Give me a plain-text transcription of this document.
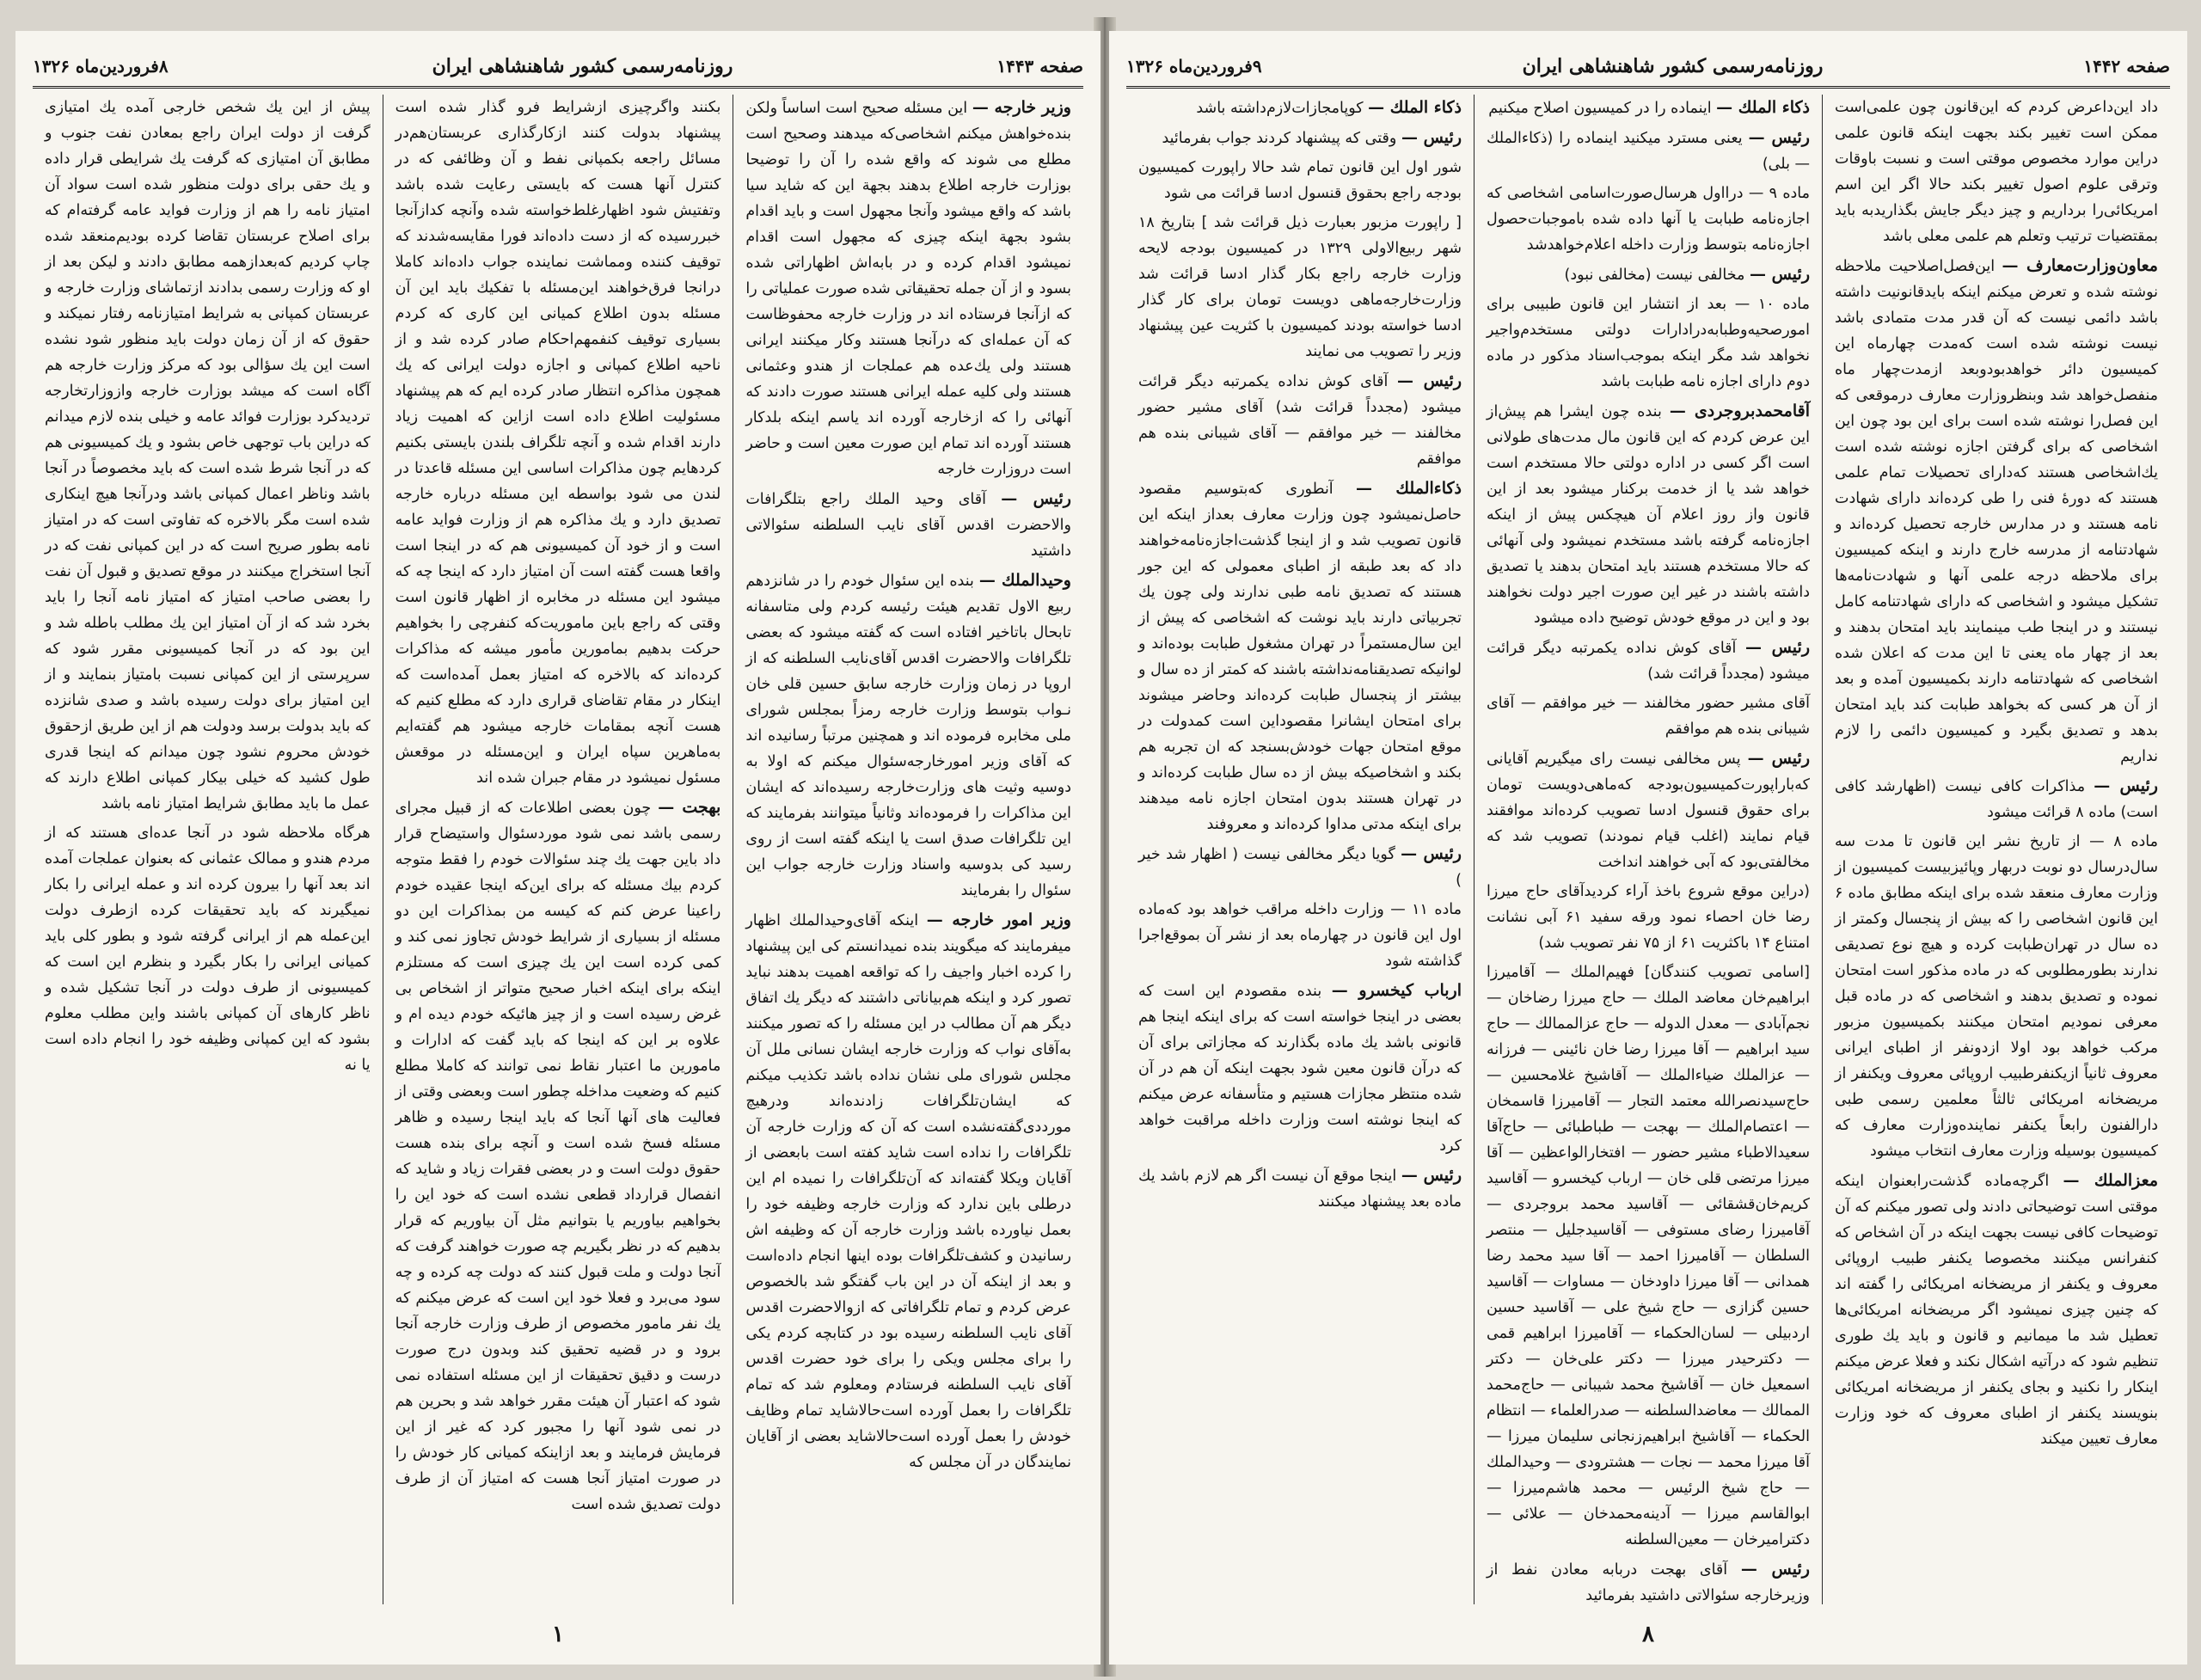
صفحه ۱۴۴۳
روزنامه‌رسمی کشور شاهنشاهی ایران
۸فروردین‌ماه ۱۳۲۶

وزیر خارجه — این مسئله صحیح است اساساً ولکن بنده‌خواهش میکنم اشخاصی‌که میدهند وصحیح است مطلع می شوند که واقع شده را آن را توضیحا بوزارت خارجه اطلاع بدهند بجهة این که شاید سیا باشد که واقع میشود وآنجا مجهول است و باید اقدام بشود بجهة اینکه چیزی که مجهول است اقدام نمیشود اقدام کرده و در بابه‌اش اظهاراتی شده بسود و از آن جمله تحقیقاتی شده صورت عملیاتی را که ازآنجا فرستاده اند در وزارت خارجه محفوظاست که آن عمله‌ای که درآنجا هستند وکار میکنند ایرانی هستند ولی یك‌عده هم عملجات از هندو وعثمانی هستند ولی کلیه عمله ایرانی هستند صورت دادند که آنهائی را که ازخارجه آورده اند یاسم اینکه بلدکار هستند آورده اند تمام این صورت معین است و حاضر است دروزارت خارجه

رئیس — آقای وحید الملك راجع بتلگرافات والاحضرت اقدس آقای نایب السلطنه سئوالاتی داشتید

وحیدالملك — بنده این سئوال خودم را در شانزدهم ربیع الاول تقدیم هیئت رئیسه کردم ولی متاسفانه تابحال باتاخیر افتاده است که گفته میشود که بعضی تلگرافات والاحضرت اقدس آقای‌نایب السلطنه که از اروپا در زمان وزارت خارجه سابق حسین قلی خان نـواب بتوسط وزارت خارجه رمزاً بمجلس شورای ملی مخابره فرموده اند و همچنین مرتباً رسانیده اند که آقای وزیر امورخارجه‌سئوال میکنم که اولا به دوسیه وثیت های وزارت‌خارجه رسیده‌اند که ایشان این مذاکرات را فرموده‌اند وثانیاً میتوانند بفرمایند که این تلگرافات صدق است یا اینکه گفته است از روی رسید کی بدوسیه واسناد وزارت خارجه جواب این سئوال را بفرمایند

وزیر امور خارجه — اینکه آقای‌وحیدالملك اظهار میفرمایند که میگویند بنده نمیدانستم کی این پیشنهاد را کرده اخبار واجیف را که تواقعه اهمیت بدهند نباید تصور کرد و اینکه هم‌بیاناتی داشتند که دیگر یك اتفاق دیگر هم آن مطالب در این مسئله را که تصور میکنند به‌آقای نواب که وزارت خارجه ایشان‌ نسانی ملل آن مجلس شورای ملی نشان نداده باشد تکذیب میکنم که ایشان‌تلگرافات زادنده‌اند ودرهیچ مورددی‌گفته‌نشده است که آن که وزارت خارجه آن تلگرافات را نداده است شاید کفته است بابعضی از آقایان ویکلا گفته‌اند که آن‌تلگرافات را نمیده ام این درطلی باین ندارد که وزارت خارجه وظیفه خود را بعمل نیاورده باشد وزارت خارجه آن که وظیفه اش رسانیدن و کشف‌تلگرافات بوده اینها انجام داده‌است و بعد از اینکه آن در این باب گفتگو شد بالخصوص عرض کردم و تمام تلگرافاتی که ازوالاحضرت اقدس آقای نایب السلطنه رسیده بود در کتابچه کردم یکی را برای مجلس ویکی را برای خود حضرت اقدس آقای نایب السلطنه فرستادم ومعلوم شد که تمام تلگرافات را بعمل آورده است‌حالاشاید تمام وظایف خودش را بعمل آورده است‌حالاشاید بعضی از آقایان نمایندگان در آن مجلس که

بکنند واگرچیزی ازشرایط فرو گذار شده است پیشنهاد بدولت کنند ازکارگذاری عربستان‌هم‌در مسائل راجعه بکمپانی نفط و آن وظائفی که در کنترل آنها هست که بایستی رعایت شده باشد وتفتیش شود اظهارغلط‌خواسته شده وآنچه کداز‌آنجا خبررسیده که از دست داده‌اند فورا مقایسه‌شدند که توقیف کننده ومماشت نماینده جواب داده‌اند کاملا درانجا فرق‌خواهند این‌مسئله با تفکیك باید این آن مسئله بدون اطلاع کمیانی این کاری که کردم بسیاری توقیف کنفمهم‌احکام صادر کرده شد و از ناحیه اطلاع کمپانی و اجازه دولت ایرانی که یك همچون مذاکره انتظار صادر کرده ایم که هم پیشنهاد مسئولیت اطلاع داده است ازاین که اهمیت زیاد دارند اقدام شده و آنچه تلگراف بلندن بایستی بکنیم کردهایم چون مذاکرات اساسی این مسئله قاعدتا در لندن می شود بواسطه این مسئله درباره خارجه تصدیق دارد و یك مذاکره هم از وزارت فواید عامه است و از خود آن کمیسیونی هم که در اینجا است واقعا هست گفته است آن امتیاز دارد که اینجا چه که میشود این مسئله در مخابره از اظهار قانون است وقتی که راجع باین ماموریت‌که کنفر‌چی را بخواهیم حرکت بدهیم بمامورین مأمور میشه که مذاکرات کرده‌اند که بالاخره که امتیاز بعمل آمده‌است که اینکار در مقام تقاضای قراری دارد که مطلع کنیم که هست آنچه بمقامات خارجه میشود هم گفته‌ایم به‌ماهرین سپاه ایران و این‌مسئله در موقعش مسئول نمیشود در مقام جبران شده اند

بهجت — چون بعضی اطلاعات که از قبیل مجرای رسمی باشد نمی شود موردسئوال واستیضاح قرار داد باین جهت یك چند سئوالات خودم را فقط متوجه کردم بیك مسئله که برای این‌که اینجا عقیده خودم راعینا عرض کنم که کیسه من‌ بمذاکرات این دو مسئله از بسیاری از شرایط خودش تجاوز نمی کند و کمی کرده است این‌ یك چیزی است که مستلزم اینکه برای اینکه اخبار صحیح متواتر از اشخاص بی غرض رسیده است و از چیز هائیکه خودم دیده ام و علاوه بر این که اینجا که باید گفت که ادارات و مامورین ما اعتبار نقاط نمی توانند که کاملا مطلع کنیم که وضعیت مداخله چطور است وبعضی وقتی از فعالیت های آنها آنجا که باید اینجا رسیده و ظاهر مسئله فسخ شده است و آنچه برای بنده هست حقوق دولت است و در بعضی فقرات زیاد و شاید که انفصال قرارداد قطعی نشده است که خود این را بخواهیم بیاوریم یا بتوانیم مثل آن بیاوریم که قرار بدهیم که در نظر بگیریم چه صورت خواهند گرفت که آنجا دولت و ملت قبول کنند که دولت چه کرده و چه سود می‌برد و فعلا خود این است که عرض میکنم که یك نفر مامور مخصوص از طرف وزارت خارجه آنجا برود و در قضیه تحقیق کند وبدون درج صورت درست و دقیق تحقیقات از این مسئله استفاده نمی شود که اعتبار آن هیئت مقرر خواهد شد و بحرین هم در نمی شود آنها را مجبور کرد که غیر از این فرمایش فرمایند و بعد ازاینکه کمیانی کار خودش را در صورت امتیاز آنجا هست که امتیاز آن از طرف دولت تصدیق شده است

پیش از این یك شخص خارجی آمده یك امتیازی گرفت از دولت ایران راجع بمعادن نفت جنوب و مطابق آن امتیازی که گرفت یك شرایطی قرار داده و یك حقی برای دولت منظور شده است سواد آن امتیاز نامه را هم از وزارت فواید عامه گرفته‌ام که برای اصلاح عربستان تقاضا کرده بودیم‌منعقد شده چاپ کردیم که‌بعد‌ازهمه مطابق دادند و لیکن بعد از او که وزارت رسمی بدادند ازتماشای وزارت خارجه و عربستان کمپانی به شرایط امتیازنامه رفتار نمیکند و حقوق که از آن زمان دولت باید منظور شود نشده است این یك سؤالی بود که مرکز وزارت خارجه هم آگاه است که میشد بوزارت خارجه وازوزارتخارجه تردید‌کرد بوزارت فوائد عامه و خیلی بنده لازم میدانم که دراین باب توجهی خاص بشود و یك کمیسیونی هم که در آنجا شرط شده است که باید مخصوصاً در آنجا باشد وناظر اعمال کمپانی باشد ودرآنجا هیچ اینکاری شده است مگر بالاخره که تفاوتی است که در امتیاز نامه بطور صریح است که در این کمپانی نفت که در آنجا استخراج میکنند در موقع تصدیق و قبول آن نفت را بعضی صاحب امتیاز که امتیاز نامه آنجا را باید بخرد شد که از آن امتیاز این یك مطلب باطله شد و این بود که در آنجا کمیسیونی مقرر شود که سرپرستی از این کمپانی نسبت بامتیاز بنمایند و از این امتیاز برای دولت رسیده باشد و صدی شانزده که باید بدولت برسد ودولت هم از این طریق ازحقوق خودش محروم نشود چون میدانم که اینجا قدری طول کشید که خیلی بیکار کمپانی اطلاع دارند که عمل ما باید مطابق شرایط امتیاز نامه باشد

هرگاه ملاحظه شود در آنجا عده‌ای هستند که از مردم هندو و ممالک عثمانی که بعنوان عملجات آمده اند بعد آنها را بیرون کرده اند و عمله ایرانی را بکار نمیگیرند که باید تحقیقات کرده ازطرف دولت این‌عمله هم از ایرانی گرفته شود و بطور کلی باید کمیانی ایرانی را بکار بگیرد و بنظرم این است که کمیسیونی از طرف دولت در آنجا تشکیل شده و ناظر کارهای آن کمپانی باشند واین مطلب معلوم بشود که این کمپانی وظیفه خود را انجام داده است یا نه

۱
صفحه ۱۴۴۲
روزنامه‌رسمی کشور شاهنشاهی ایران
۹فروردین‌ماه ۱۳۲۶

داد این‌داعرض کردم که این‌قانون چون علمی‌است ممکن است تغییر بکند بجهت اینکه قانون علمی دراین موارد مخصوص موقتی است و نسبت باوقات وترقی علوم اصول تغییر بکند حالا اگر این اسم امریکائی‌را برداریم و چیز دیگر جایش بگذاریدبه باید بمقتضیات ترتیب وتعلم هم علمی معلی باشد

معاون‌وزارت‌معارف — این‌فصل‌اصلاحیت ملاحظه نوشته شده و تعرض میکنم اینکه بایدقانونیت داشته باشد دائمی نیست که آن قدر مدت متمادی باشد نیست نوشته شده است که‌مدت چهارماه این کمیسیون دائر خواهدبودوبعد ازمدت‌چهار ماه منفصل‌خواهد شد وبنظروزارت معارف درموقعی که این فصل‌را نوشته شده است برای این بود چون این اشخاصی که برای گرفتن اجازه نوشته شده است یك‌اشخاصی هستند که‌دارای تحصیلات تمام علمی هستند که دورهٔ فنی را طی کرده‌اند دارای شهادت نامه هستند و در مدارس خارجه تحصیل کرده‌اند و شهادتنامه از مدرسه خارج دارند و اینکه کمیسیون برای ملاحظه درجه علمی آنها و شهادت‌نامه‌ها تشکیل میشود و اشخاصی که دارای شهادتنامه کامل نیستند و در اینجا طب مینمایند باید امتحان بدهند و بعد از چهار ماه یعنی تا این مدت که اعلان شده اشخاصی که شهادتنامه دارند بکمیسیون آمده و بعد از آن هر کسی که بخواهد طبابت کند باید امتحان بدهد و تصدیق بگیرد و کمیسیون دائمی را لازم نداریم

رئیس — مذاکرات کافی نیست (اظهارشد کافی است) ماده ۸ قرائت میشود

ماده ۸ — از تاریخ نشر این قانون تا مدت سه سال‌درسال دو نوبت دربهار وپائیزبیست کمیسیون از وزارت معارف منعقد شده برای اینکه مطابق ماده ۶ این قانون اشخاصی را که بیش از پنجسال وکمتر از ده سال در تهران‌طبابت کرده و هیچ نوع تصدیقی ندارند بطورمطلوبی که در ماده مذکور است امتحان نموده و تصدیق بدهند و اشخاصی که در ماده قبل معرفی نمودیم امتحان میکنند بکمیسیون مزبور مرکب خواهد بود اولا ازدونفر از اطبای ایرانی معروف ثانیاً ازیکنفرطبیب اروپائی معروف ویکنفر از مریضخانه امریکائی ثالثاً معلمین رسمی طبی دارالفنون رابعاً یکنفر نماینده‌وزارت معارف که کمیسیون بوسیله وزارت معارف انتخاب میشود

معزالملك — اگرچه‌ماده گذشت‌رابعنوان اینکه موقتی است توضیحاتی دادند ولی تصور میکنم که آن توضیحات کافی نیست بجهت اینکه در آن اشخاص که کنفرانس میکنند مخصوصا یکنفر طبیب اروپائی معروف و یکنفر از مریضخانه امریکائی را گفته اند که چنین چیزی نمیشود اگر مریضخانه امریکائی‌ها تعطیل شد ما میمانیم و قانون و باید یك طوری تنظیم شود که درآتیه اشکال نکند و فعلا عرض میکنم اینکار را نکنید و بجای یکنفر از مریضخانه امریکائی بنویسند یکنفر از اطبای معروف که خود وزارت معارف تعیین میکند

ذکاء الملك — اینماده را در کمیسیون اصلاح میکنیم

رئیس — یعنی مسترد میکنید اینماده را (ذکاءالملك — بلی)

ماده ۹ — درااول هرسال‌صورت‌اسامی اشخاصی که اجازه‌نامه طبابت یا آنها داده شده باموجبات‌حصول اجازه‌نامه بتوسط وزارت داخله اعلام‌خواهدشد

رئیس — مخالفی نیست (مخالفی نبود)

ماده ۱۰ — بعد از انتشار این قانون طبیبی برای امورصحیه‌وطبابه‌درادارات دولتی مستخدم‌واجیر نخواهد شد مگر اینکه بموجب‌اسناد مذکور در ماده دوم دارای اجازه نامه طبابت باشد

آقامحمدبروجردی — بنده چون ایشرا هم پیش‌از این عرض کردم که این قانون مال مدت‌های طولانی است اگر کسی در اداره دولتی حالا مستخدم است خواهد شد یا از خدمت برکنار میشود بعد از این قانون واز روز اعلام آن هیچکس پیش از اینکه اجازه‌نامه گرفته باشد مستخدم نمیشود ولی آنهائی که حالا مستخدم هستند باید امتحان بدهند یا تصدیق داشته باشند در غیر این صورت اجیر دولت نخواهند بود و این در موقع خودش توضیح داده میشود

رئیس — آقای کوش نداده یکمرتبه دیگر قرائت میشود (مجدداً قرائت شد)

آقای مشیر حضور مخالفند — خیر موافقم — آقای شیبانی بنده هم موافقم

رئیس — پس مخالفی نیست رای میگیریم آقایانی که‌باراپورت‌کمیسیون‌بودجه که‌ماهی‌دویست تومان برای حقوق قنسول ادسا تصویب کرده‌اند موافقند قیام نمایند (اغلب قیام نمودند) تصویب شد که مخالفتی‌بود که آبی خواهند انداخت

(دراین موقع شروع باخذ آراء کردیدآقای حاج میرزا رضا خان احصاء نمود ورقه سفید ۶۱ آبی نشانت امتناع ۱۴ باکثریت ۶۱ از ۷۵ نفر تصویب شد)

[اسامی تصویب کنندگان] فهیم‌الملك — آقامیرزا ابراهیم‌خان معاضد‌ الملك — حاج میرزا رضاخان — نجم‌آبادی — معدل‌ الدوله — حاج عزالممالك — حاج سید ابراهیم — آقا میرزا رضا خان نائینی — فرزانه — عزالملك ضیاءالملك — آقاشیخ غلامحسین — حاج‌سید‌نصرالله معتمد التجار — آقامیرزا قاسمخان — اعتصام‌الملك — بهجت — طباطبائی — حاج‌آقا سعیدالاطباء مشیر حضور — افتخارالواعظین — آقا میرزا مرتضی قلی خان — ارباب کیخسرو — آقاسید کریم‌خان‌قشقائی — آقاسید محمد بروجردی — آقامیرزا رضای مستوفی — آقاسید‌جلیل — منتصر السلطان — آقامیرزا احمد — آقا سید محمد رضا همدانی — آقا میرزا داودخان — مساوات — آقاسید حسین گزازی — حاج شیخ علی — آقاسید حسین اردبیلی — لسان‌الحکماء — آقامیرزا ابراهیم قمی — دکترحیدر میرزا — دکتر علی‌خان — دکتر اسمعیل خان — آقاشیخ محمد شیبانی — حاج‌محمد الممالك — معاضدالسلطنه — صدرالعلماء — انتظام الحکماء — آقاشیخ ابراهیم‌زنجانی سلیمان میرزا — آقا میرزا محمد — نجات — هشترودی — وحیدالملك — حاج شیخ الرئیس — محمد هاشم‌میرزا — ابوالقاسم میرزا — آدینه‌محمدخان — علائی — دکترامیرخان — معین‌السلطنه

رئیس — آقای بهجت دربابه معادن نفط از وزیرخارجه سئوالاتی داشتید بفرمائید

ذکاء الملك — کوپامجازات‌لازم‌داشته باشد

رئیس — وقتی که پیشنهاد کردند جواب بفرمائید

شور اول این قانون تمام شد حالا راپورت کمیسیون بودجه راجع بحقوق قنسول ادسا قرائت می شود

[ راپورت مزبور بعبارت ذیل قرائت شد ] بتاریخ ۱۸ شهر ربیع‌الاولی ۱۳۲۹ در کمیسیون بودجه لایحه وزارت خارجه راجع بکار گذار ادسا قرائت شد وزارت‌خارجه‌ماهی دویست تومان‌ برای کار گذار ادسا خواسته بودند کمیسیون با کثریت عین پیشنهاد وزیر را تصویب می نمایند

رئیس — آقای کوش نداده یکمرتبه دیگر قرائت میشود (مجدداً قرائت شد) آقای مشیر حضور مخالفند — خیر موافقم — آقای شیبانی بنده هم موافقم

ذکاءالملك — آنطوری که‌بتوسیم مقصود حاصل‌نمیشود چون وزارت معارف بعداز اینکه این قانون تصویب شد و از اینجا گذشت‌اجازه‌نامه‌خواهند داد که بعد طبقه از اطبای معمولی که این جور هستند که تصدیق نامه طبی ندارند ولی چون یك تجربیاتی دارند باید نوشت که اشخاصی که پیش از این سال‌مستمراً در تهران مشغول طبابت بوده‌اند و لوانیکه تصدیقنامه‌نداشته باشند که کمتر از ده سال و بیشتر از پنجسال طبابت کرده‌اند وحاضر میشوند برای امتحان ایشانرا مقصوداین است کمدولت در موقع امتحان جهات خودش‌بسنجد که ان تجربه هم بکند و اشخاصیکه بیش از ده سال طبابت کرده‌اند و در تهران هستند بدون امتحان اجازه نامه میدهند برای اینکه مدتی مداوا کرده‌اند و معروفند

رئیس — گویا دیگر مخالفی نیست ( اظهار شد خیر )

ماده ۱۱ — وزارت داخله مراقب خواهد بود که‌ماده اول این قانون در چهارماه بعد از نشر آن بموقع‌اجرا گذاشته شود

ارباب کیخسرو — بنده مقصودم این است که بعضی در اینجا خواسته است که برای اینکه اینجا هم قانونی باشد یك ماده بگذارند که مجازاتی برای آن که درآن قانون معین شود بجهت اینکه آن هم در آن شده منتظر مجازات‌ هستیم و متأسفانه عرض میکنم که اینجا نوشته است وزارت داخله مراقبت خواهد کرد

رئیس — اینجا موقع آن نیست اگر هم لازم باشد یك ماده بعد پیشنهاد میکنند

۸
